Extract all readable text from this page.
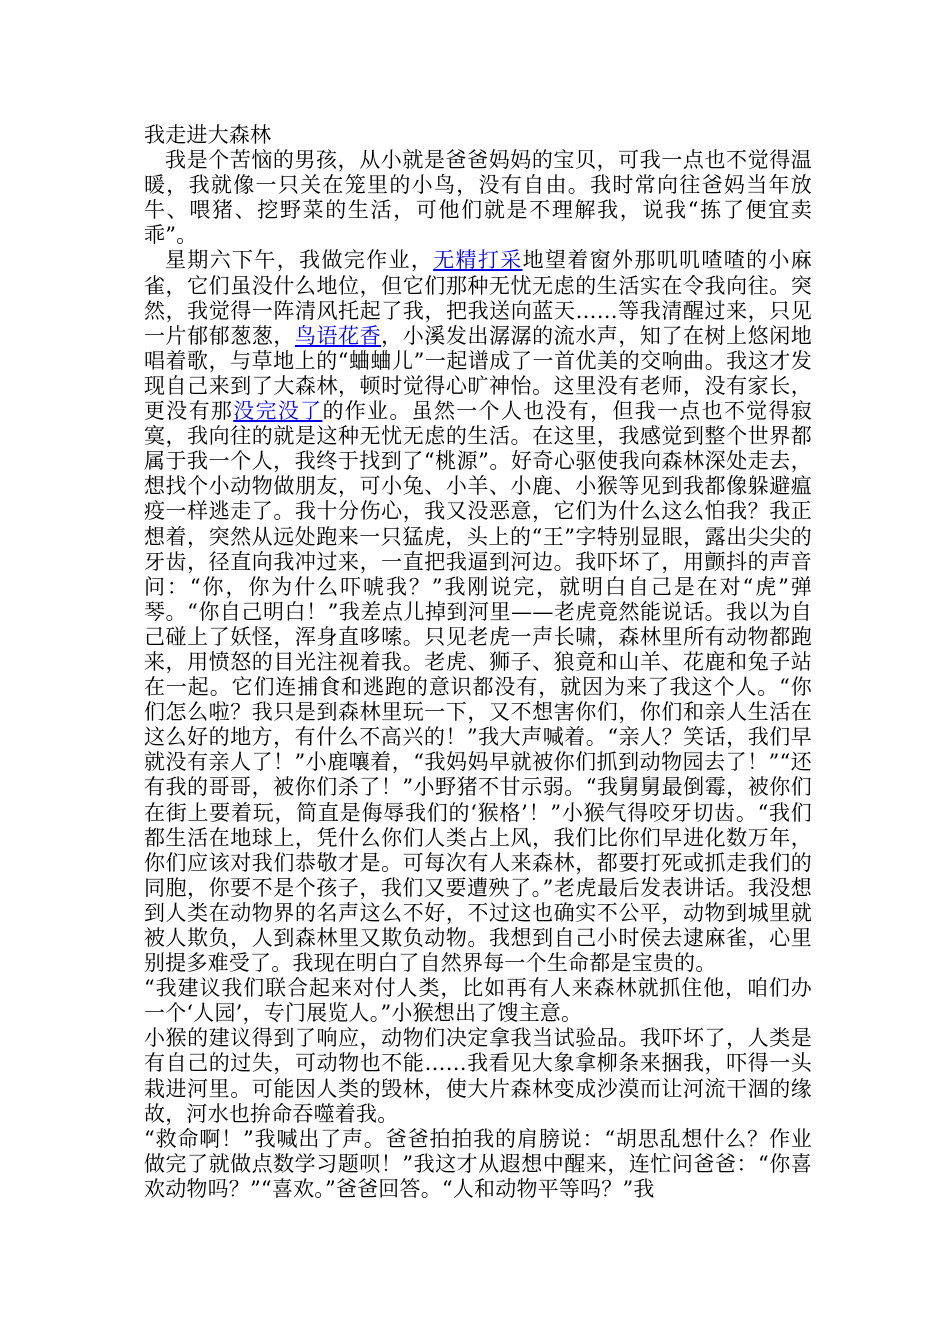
我走进大森林

我是个苦恼的男孩，从小就是爸爸妈妈的宝贝，可我一点也不觉得温暖，我就像一只关在笼里的小鸟，没有自由。我时常向往爸妈当年放牛、喂猪、挖野菜的生活，可他们就是不理解我，说我“拣了便宜卖乖”。

星期六下午，我做完作业，无精打采地望着窗外那叽叽喳喳的小麻雀，它们虽没什么地位，但它们那种无忧无虑的生活实在令我向往。突然，我觉得一阵清风托起了我，把我送向蓝天……等我清醒过来，只见一片郁郁葱葱，鸟语花香，小溪发出潺潺的流水声，知了在树上悠闲地唱着歌，与草地上的“蛐蛐儿”一起谱成了一首优美的交响曲。我这才发现自己来到了大森林，顿时觉得心旷神怡。这里没有老师，没有家长，更没有那没完没了的作业。虽然一个人也没有，但我一点也不觉得寂寞，我向往的就是这种无忧无虑的生活。在这里，我感觉到整个世界都属于我一个人，我终于找到了“桃源”。好奇心驱使我向森林深处走去，想找个小动物做朋友，可小兔、小羊、小鹿、小猴等见到我都像躲避瘟疫一样逃走了。我十分伤心，我又没恶意，它们为什么这么怕我？我正想着，突然从远处跑来一只猛虎，头上的“王”字特别显眼，露出尖尖的牙齿，径直向我冲过来，一直把我逼到河边。我吓坏了，用颤抖的声音问：“你，你为什么吓唬我？”我刚说完，就明白自己是在对“虎”弹琴。“你自己明白！”我差点儿掉到河里——老虎竟然能说话。我以为自己碰上了妖怪，浑身直哆嗦。只见老虎一声长啸，森林里所有动物都跑来，用愤怒的目光注视着我。老虎、狮子、狼竟和山羊、花鹿和兔子站在一起。它们连捕食和逃跑的意识都没有，就因为来了我这个人。“你们怎么啦？我只是到森林里玩一下，又不想害你们，你们和亲人生活在这么好的地方，有什么不高兴的！”我大声喊着。“亲人？笑话，我们早就没有亲人了！”小鹿嚷着，“我妈妈早就被你们抓到动物园去了！”“还有我的哥哥，被你们杀了！”小野猪不甘示弱。“我舅舅最倒霉，被你们在街上要着玩，简直是侮辱我们的‘猴格’！”小猴气得咬牙切齿。“我们都生活在地球上，凭什么你们人类占上风，我们比你们早进化数万年，你们应该对我们恭敬才是。可每次有人来森林，都要打死或抓走我们的同胞，你要不是个孩子，我们又要遭殃了。”老虎最后发表讲话。我没想到人类在动物界的名声这么不好，不过这也确实不公平，动物到城里就被人欺负，人到森林里又欺负动物。我想到自己小时侯去逮麻雀，心里别提多难受了。我现在明白了自然界每一个生命都是宝贵的。

“我建议我们联合起来对付人类，比如再有人来森林就抓住他，咱们办一个‘人园’，专门展览人。”小猴想出了馊主意。

小猴的建议得到了响应，动物们决定拿我当试验品。我吓坏了，人类是有自己的过失，可动物也不能……我看见大象拿柳条来捆我，吓得一头栽进河里。可能因人类的毁林，使大片森林变成沙漠而让河流干涸的缘故，河水也拚命吞噬着我。

“救命啊！”我喊出了声。爸爸拍拍我的肩膀说：“胡思乱想什么？作业做完了就做点数学习题呗！”我这才从遐想中醒来，连忙问爸爸：“你喜欢动物吗？”“喜欢。”爸爸回答。“人和动物平等吗？”我
